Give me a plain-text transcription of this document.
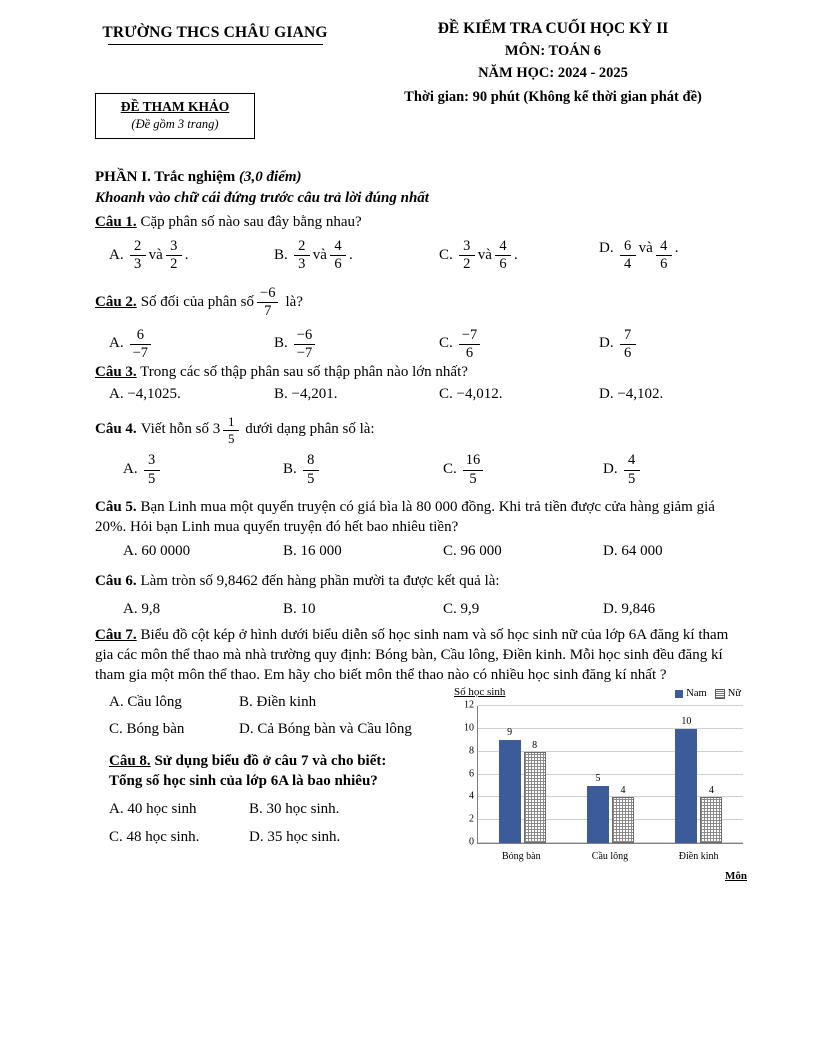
TRƯỜNG THCS CHÂU GIANG	ĐỀ KIỂM TRA CUỐI HỌC KỲ II
MÔN: TOÁN 6
NĂM HỌC: 2024 - 2025
Thời gian: 90 phút (Không kể thời gian phát đề)
ĐỀ THAM KHẢO
(Đề gồm 3 trang)
PHẦN I. Trắc nghiệm (3,0 điểm)
Khoanh vào chữ cái đứng trước câu trả lời đúng nhất
Câu 1. Cặp phân số nào sau đây bằng nhau?
A. $\frac{2}{3}$ và $\frac{3}{2}$ .	B. $\frac{2}{3}$ và $\frac{4}{6}$ .	C. $\frac{3}{2}$ và $\frac{4}{6}$ .	D. $\frac{6}{4}$ và $\frac{4}{6}$ .
Câu 2. Số đối của phân số $\frac{-6}{7}$ là?
A. $\frac{6}{-7}$	B. $\frac{-6}{-7}$	C. $\frac{-7}{6}$	D. $\frac{7}{6}$
Câu 3. Trong các số thập phân sau số thập phân nào lớn nhất?
A. −4,1025.	B. −4,201.	C. −4,012.	D. −4,102.
Câu 4. Viết hỗn số $3 \frac{1}{5}$ dưới dạng phân số là:
A. $\frac{3}{5}$	B. $\frac{8}{5}$	C. $\frac{16}{5}$	D. $\frac{4}{5}$
Câu 5. Bạn Linh mua một quyển truyện có giá bìa là 80 000 đồng. Khi trả tiền được cửa hàng giảm giá 20%. Hỏi bạn Linh mua quyển truyện đó hết bao nhiêu tiền?
A. 60 0000	B. 16 000	C. 96 000	D. 64 000
Câu 6. Làm tròn số 9,8462 đến hàng phần mười ta được kết quả là:
A. 9,8	B. 10	C. 9,9	D. 9,846
Câu 7. Biểu đồ cột kép ở hình dưới biểu diễn số học sinh nam và số học sinh nữ của lớp 6A đăng kí tham gia các môn thể thao mà nhà trường quy định: Bóng bàn, Cầu lông, Điền kinh. Mỗi học sinh đều đăng kí tham gia một môn thể thao. Em hãy cho biết môn thể thao nào có nhiều học sinh đăng kí nhất ?
A. Cầu lông	B. Điền kinh
C. Bóng bàn	D. Cả Bóng bàn và Cầu lông
Câu 8. Sử dụng biểu đồ ở câu 7 và cho biết:
Tổng số học sinh của lớp 6A là bao nhiêu?
A. 40 học sinh	B. 30 học sinh.
C. 48 học sinh.	D. 35 học sinh.
Nam Nữ
Số học sinh
Môn
0
2
4
6
8
10
12
9
8
5
4
10
4
Bóng bàn	Cầu lông	Điền kinh
